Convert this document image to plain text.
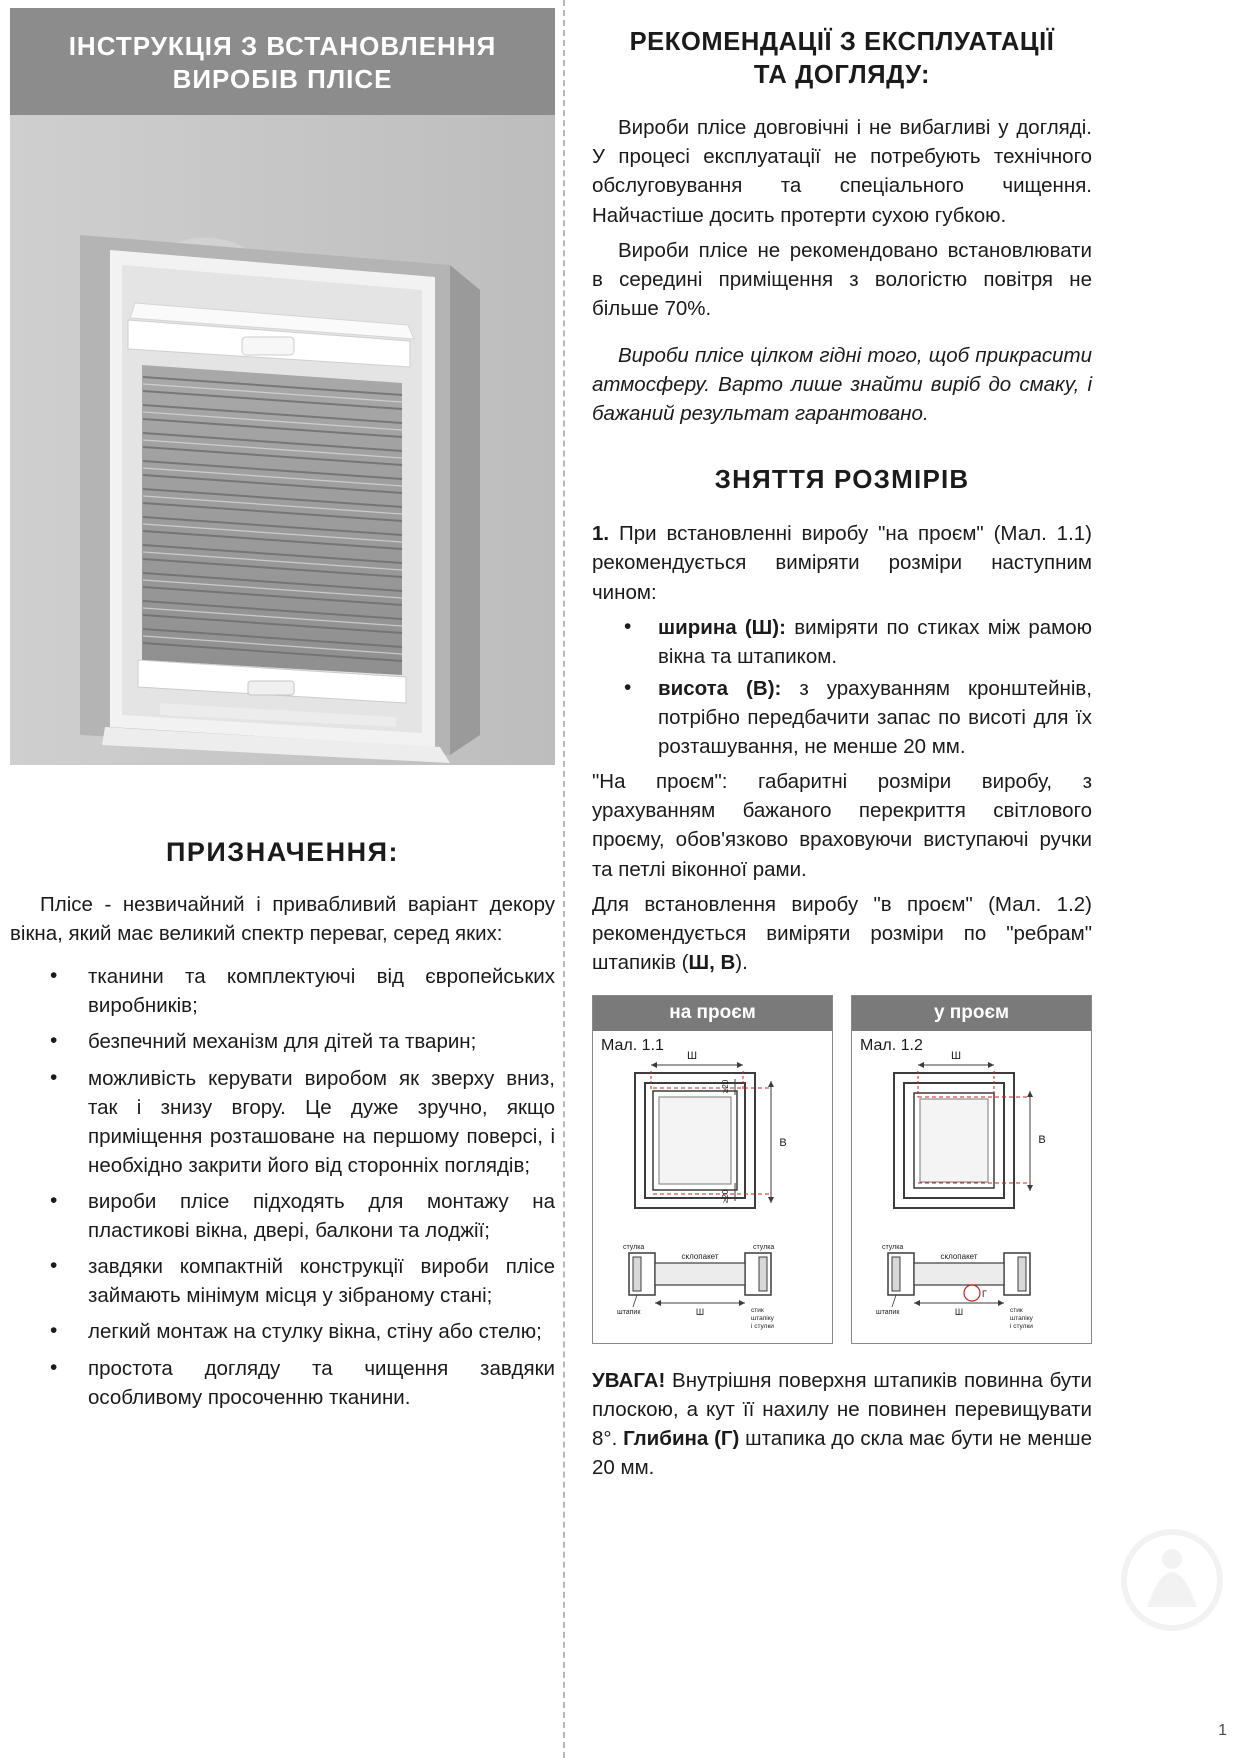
ІНСТРУКЦІЯ З ВСТАНОВЛЕННЯ
ВИРОБІВ ПЛІСЕ
ПРИЗНАЧЕННЯ:

Пліcе - незвичайний і привабливий варіант декору вікна, який має великий спектр переваг, серед яких:

• тканини та комплектуючі від європейських виробників;
• безпечний механізм для дітей та тварин;
• можливість керувати виробом як зверху вниз, так і знизу вгору. Це дуже зручно, якщо приміщення розташоване на першому поверсі, і необхідно закрити його від сторонніх поглядів;
• вироби пліcе підходять для монтажу на пластикові вікна, двері, балкони та лоджії;
• завдяки компактній конструкції вироби пліcе займають мінімум місця у зібраному стані;
• легкий монтаж на стулку вікна, стіну або стелю;
• простота догляду та чищення завдяки особливому просоченню тканини.
РЕКОМЕНДАЦІЇ З ЕКСПЛУАТАЦІЇ
ТА ДОГЛЯДУ:

Вироби пліcе довговічні і не вибагливі у догляді. У процесі експлуатації не потребують технічного обслуговування та спеціального чищення. Найчастіше досить протерти сухою губкою.

Вироби пліcе не рекомендовано встановлювати в середині приміщення з вологістю повітря не більше 70%.

Вироби пліcе цілком гідні того, щоб прикрасити атмосферу. Варто лише знайти виріб до смаку, і бажаний результат гарантовано.

ЗНЯТТЯ РОЗМІРІВ

1. При встановленні виробу "на проєм" (Мал. 1.1) рекомендується виміряти розміри наступним чином:

• ширина (Ш): виміряти по стиках між рамою вікна та штапиком.
• висота (В): з урахуванням кронштейнів, потрібно передбачити запас по висоті для їх розташування, не менше 20 мм.

"На проєм": габаритні розміри виробу, з урахуванням бажаного перекриття світлового проєму, обов'язково враховуючи виступаючі ручки та петлі віконної рами.

Для встановлення виробу "в проєм" (Мал. 1.2) рекомендується виміряти розміри по "ребрам" штапиків (Ш, В).

на проєм
Мал. 1.1
Ш
В
≥20
≥20
склопакет
стулка	стулка
штапик	Ш	стик
штапіку
і стулки
у проєм
Мал. 1.2
Ш
В
склопакет
стулка
штапик
Г
Ш	стик
штапіку
і стулки
УВАГА! Внутрішня поверхня штапиків повинна бути плоскою, а кут її нахилу не повинен перевищувати 8°. Глибина (Г) штапика до скла має бути не менше 20 мм.
1
